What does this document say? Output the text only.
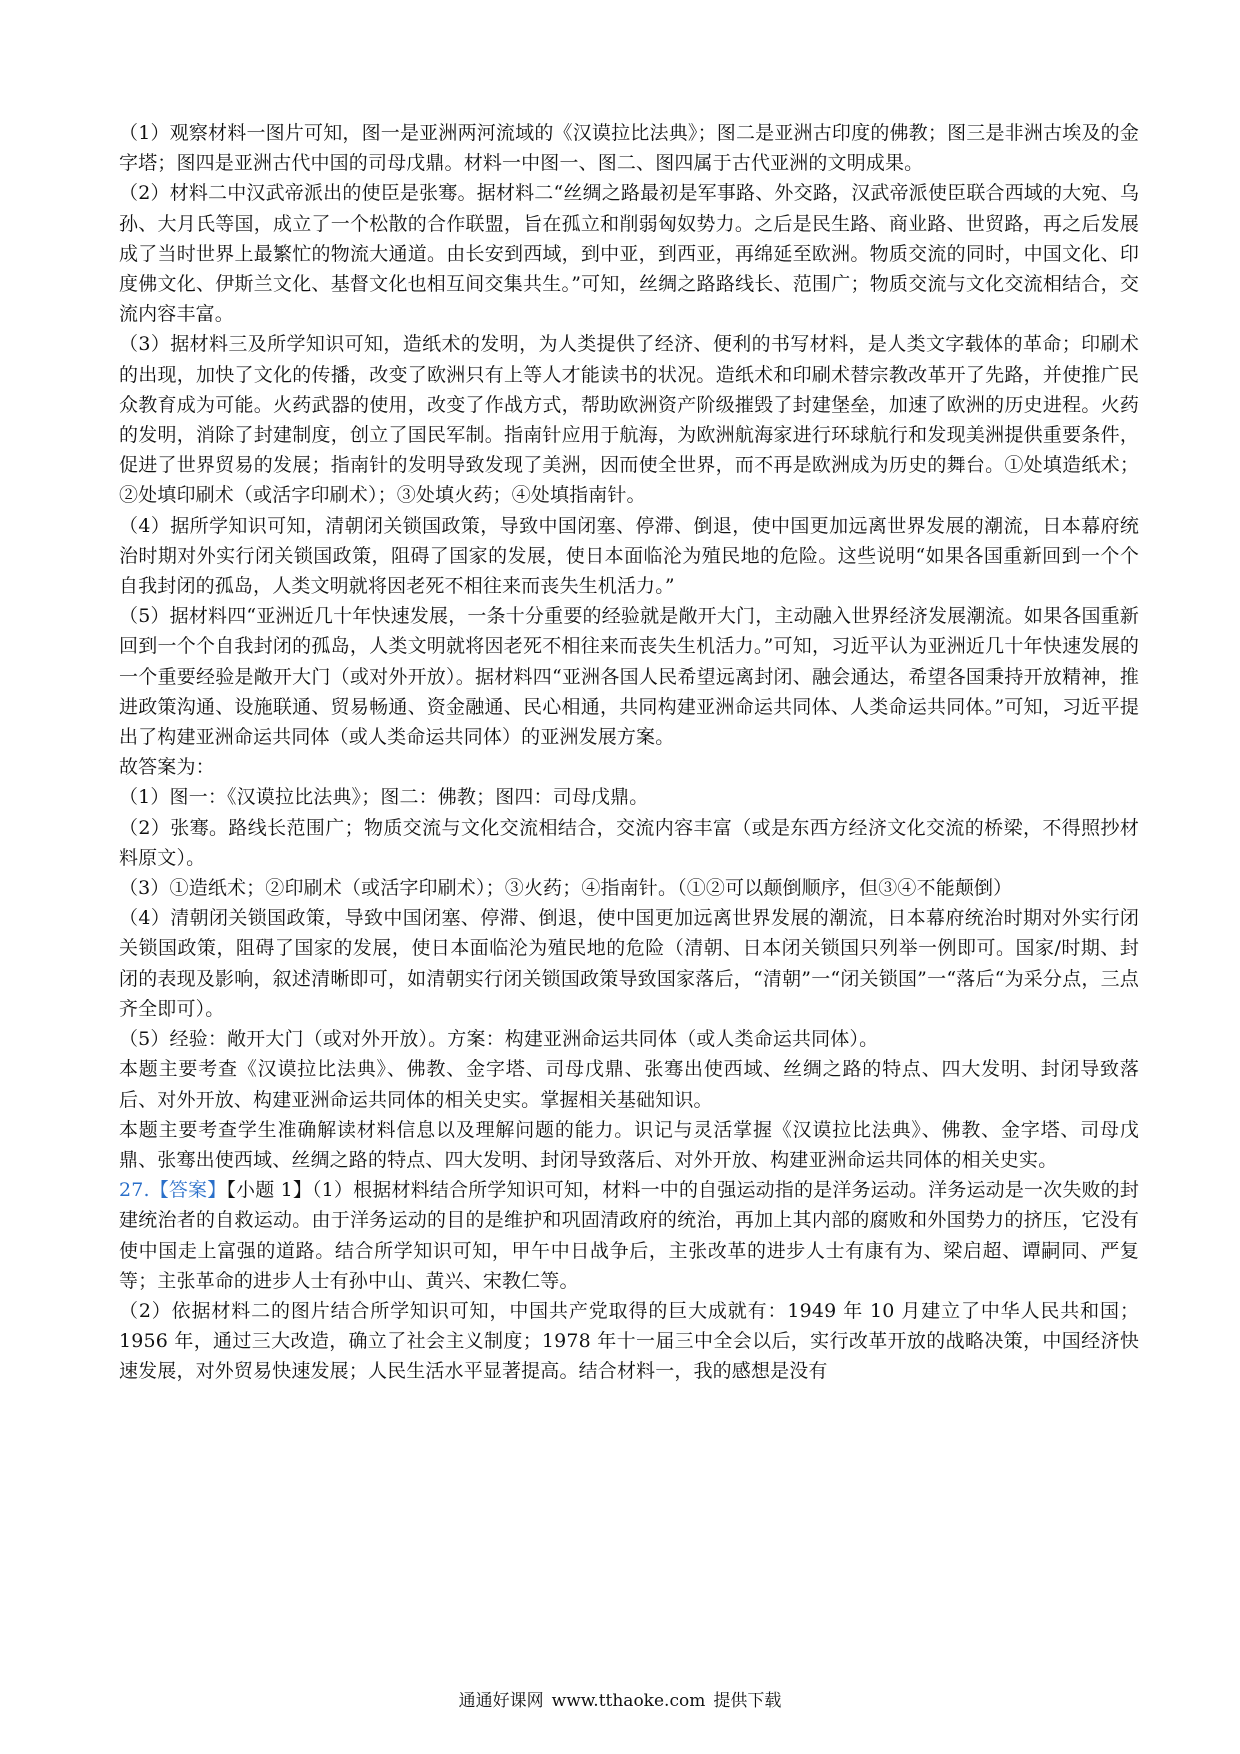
（1）观察材料一图片可知，图一是亚洲两河流域的《汉谟拉比法典》；图二是亚洲古印度的佛教；图三是非洲古埃及的金字塔；图四是亚洲古代中国的司母戊鼎。材料一中图一、图二、图四属于古代亚洲的文明成果。

（2）材料二中汉武帝派出的使臣是张骞。据材料二“丝绸之路最初是军事路、外交路，汉武帝派使臣联合西域的大宛、乌孙、大月氏等国，成立了一个松散的合作联盟，旨在孤立和削弱匈奴势力。之后是民生路、商业路、世贸路，再之后发展成了当时世界上最繁忙的物流大通道。由长安到西域，到中亚，到西亚，再绵延至欧洲。物质交流的同时，中国文化、印度佛文化、伊斯兰文化、基督文化也相互间交集共生。”可知，丝绸之路路线长、范围广；物质交流与文化交流相结合，交流内容丰富。

（3）据材料三及所学知识可知，造纸术的发明，为人类提供了经济、便利的书写材料，是人类文字载体的革命；印刷术的出现，加快了文化的传播，改变了欧洲只有上等人才能读书的状况。造纸术和印刷术替宗教改革开了先路，并使推广民众教育成为可能。火药武器的使用，改变了作战方式，帮助欧洲资产阶级摧毁了封建堡垒，加速了欧洲的历史进程。火药的发明，消除了封建制度，创立了国民军制。指南针应用于航海，为欧洲航海家进行环球航行和发现美洲提供重要条件，促进了世界贸易的发展；指南针的发明导致发现了美洲，因而使全世界，而不再是欧洲成为历史的舞台。①处填造纸术；②处填印刷术（或活字印刷术）；③处填火药；④处填指南针。

（4）据所学知识可知，清朝闭关锁国政策，导致中国闭塞、停滞、倒退，使中国更加远离世界发展的潮流，日本幕府统治时期对外实行闭关锁国政策，阻碍了国家的发展，使日本面临沦为殖民地的危险。这些说明“如果各国重新回到一个个自我封闭的孤岛，人类文明就将因老死不相往来而丧失生机活力。”

（5）据材料四“亚洲近几十年快速发展，一条十分重要的经验就是敞开大门，主动融入世界经济发展潮流。如果各国重新回到一个个自我封闭的孤岛，人类文明就将因老死不相往来而丧失生机活力。”可知，习近平认为亚洲近几十年快速发展的一个重要经验是敞开大门（或对外开放）。据材料四“亚洲各国人民希望远离封闭、融会通达，希望各国秉持开放精神，推进政策沟通、设施联通、贸易畅通、资金融通、民心相通，共同构建亚洲命运共同体、人类命运共同体。”可知，习近平提出了构建亚洲命运共同体（或人类命运共同体）的亚洲发展方案。

故答案为：

（1）图一：《汉谟拉比法典》；图二：佛教；图四：司母戊鼎。

（2）张骞。路线长范围广；物质交流与文化交流相结合，交流内容丰富（或是东西方经济文化交流的桥梁，不得照抄材料原文）。

（3）①造纸术；②印刷术（或活字印刷术）；③火药；④指南针。（①②可以颠倒顺序，但③④不能颠倒）

（4）清朝闭关锁国政策，导致中国闭塞、停滞、倒退，使中国更加远离世界发展的潮流，日本幕府统治时期对外实行闭关锁国政策，阻碍了国家的发展，使日本面临沦为殖民地的危险（清朝、日本闭关锁国只列举一例即可。国家/时期、封闭的表现及影响，叙述清晰即可，如清朝实行闭关锁国政策导致国家落后，“清朝”一“闭关锁国”一“落后“为采分点，三点齐全即可）。

（5）经验：敞开大门（或对外开放）。方案：构建亚洲命运共同体（或人类命运共同体）。

本题主要考查《汉谟拉比法典》、佛教、金字塔、司母戊鼎、张骞出使西域、丝绸之路的特点、四大发明、封闭导致落后、对外开放、构建亚洲命运共同体的相关史实。掌握相关基础知识。

本题主要考查学生准确解读材料信息以及理解问题的能力。识记与灵活掌握《汉谟拉比法典》、佛教、金字塔、司母戊鼎、张骞出使西域、丝绸之路的特点、四大发明、封闭导致落后、对外开放、构建亚洲命运共同体的相关史实。

27.【答案】【小题 1】（1）根据材料结合所学知识可知，材料一中的自强运动指的是洋务运动。洋务运动是一次失败的封建统治者的自救运动。由于洋务运动的目的是维护和巩固清政府的统治，再加上其内部的腐败和外国势力的挤压，它没有使中国走上富强的道路。结合所学知识可知，甲午中日战争后，主张改革的进步人士有康有为、梁启超、谭嗣同、严复等；主张革命的进步人士有孙中山、黄兴、宋教仁等。

（2）依据材料二的图片结合所学知识可知，中国共产党取得的巨大成就有：1949 年 10 月建立了中华人民共和国；1956 年，通过三大改造，确立了社会主义制度；1978 年十一届三中全会以后，实行改革开放的战略决策，中国经济快速发展，对外贸易快速发展；人民生活水平显著提高。结合材料一，我的感想是没有

通通好课网 www.tthaoke.com 提供下载
